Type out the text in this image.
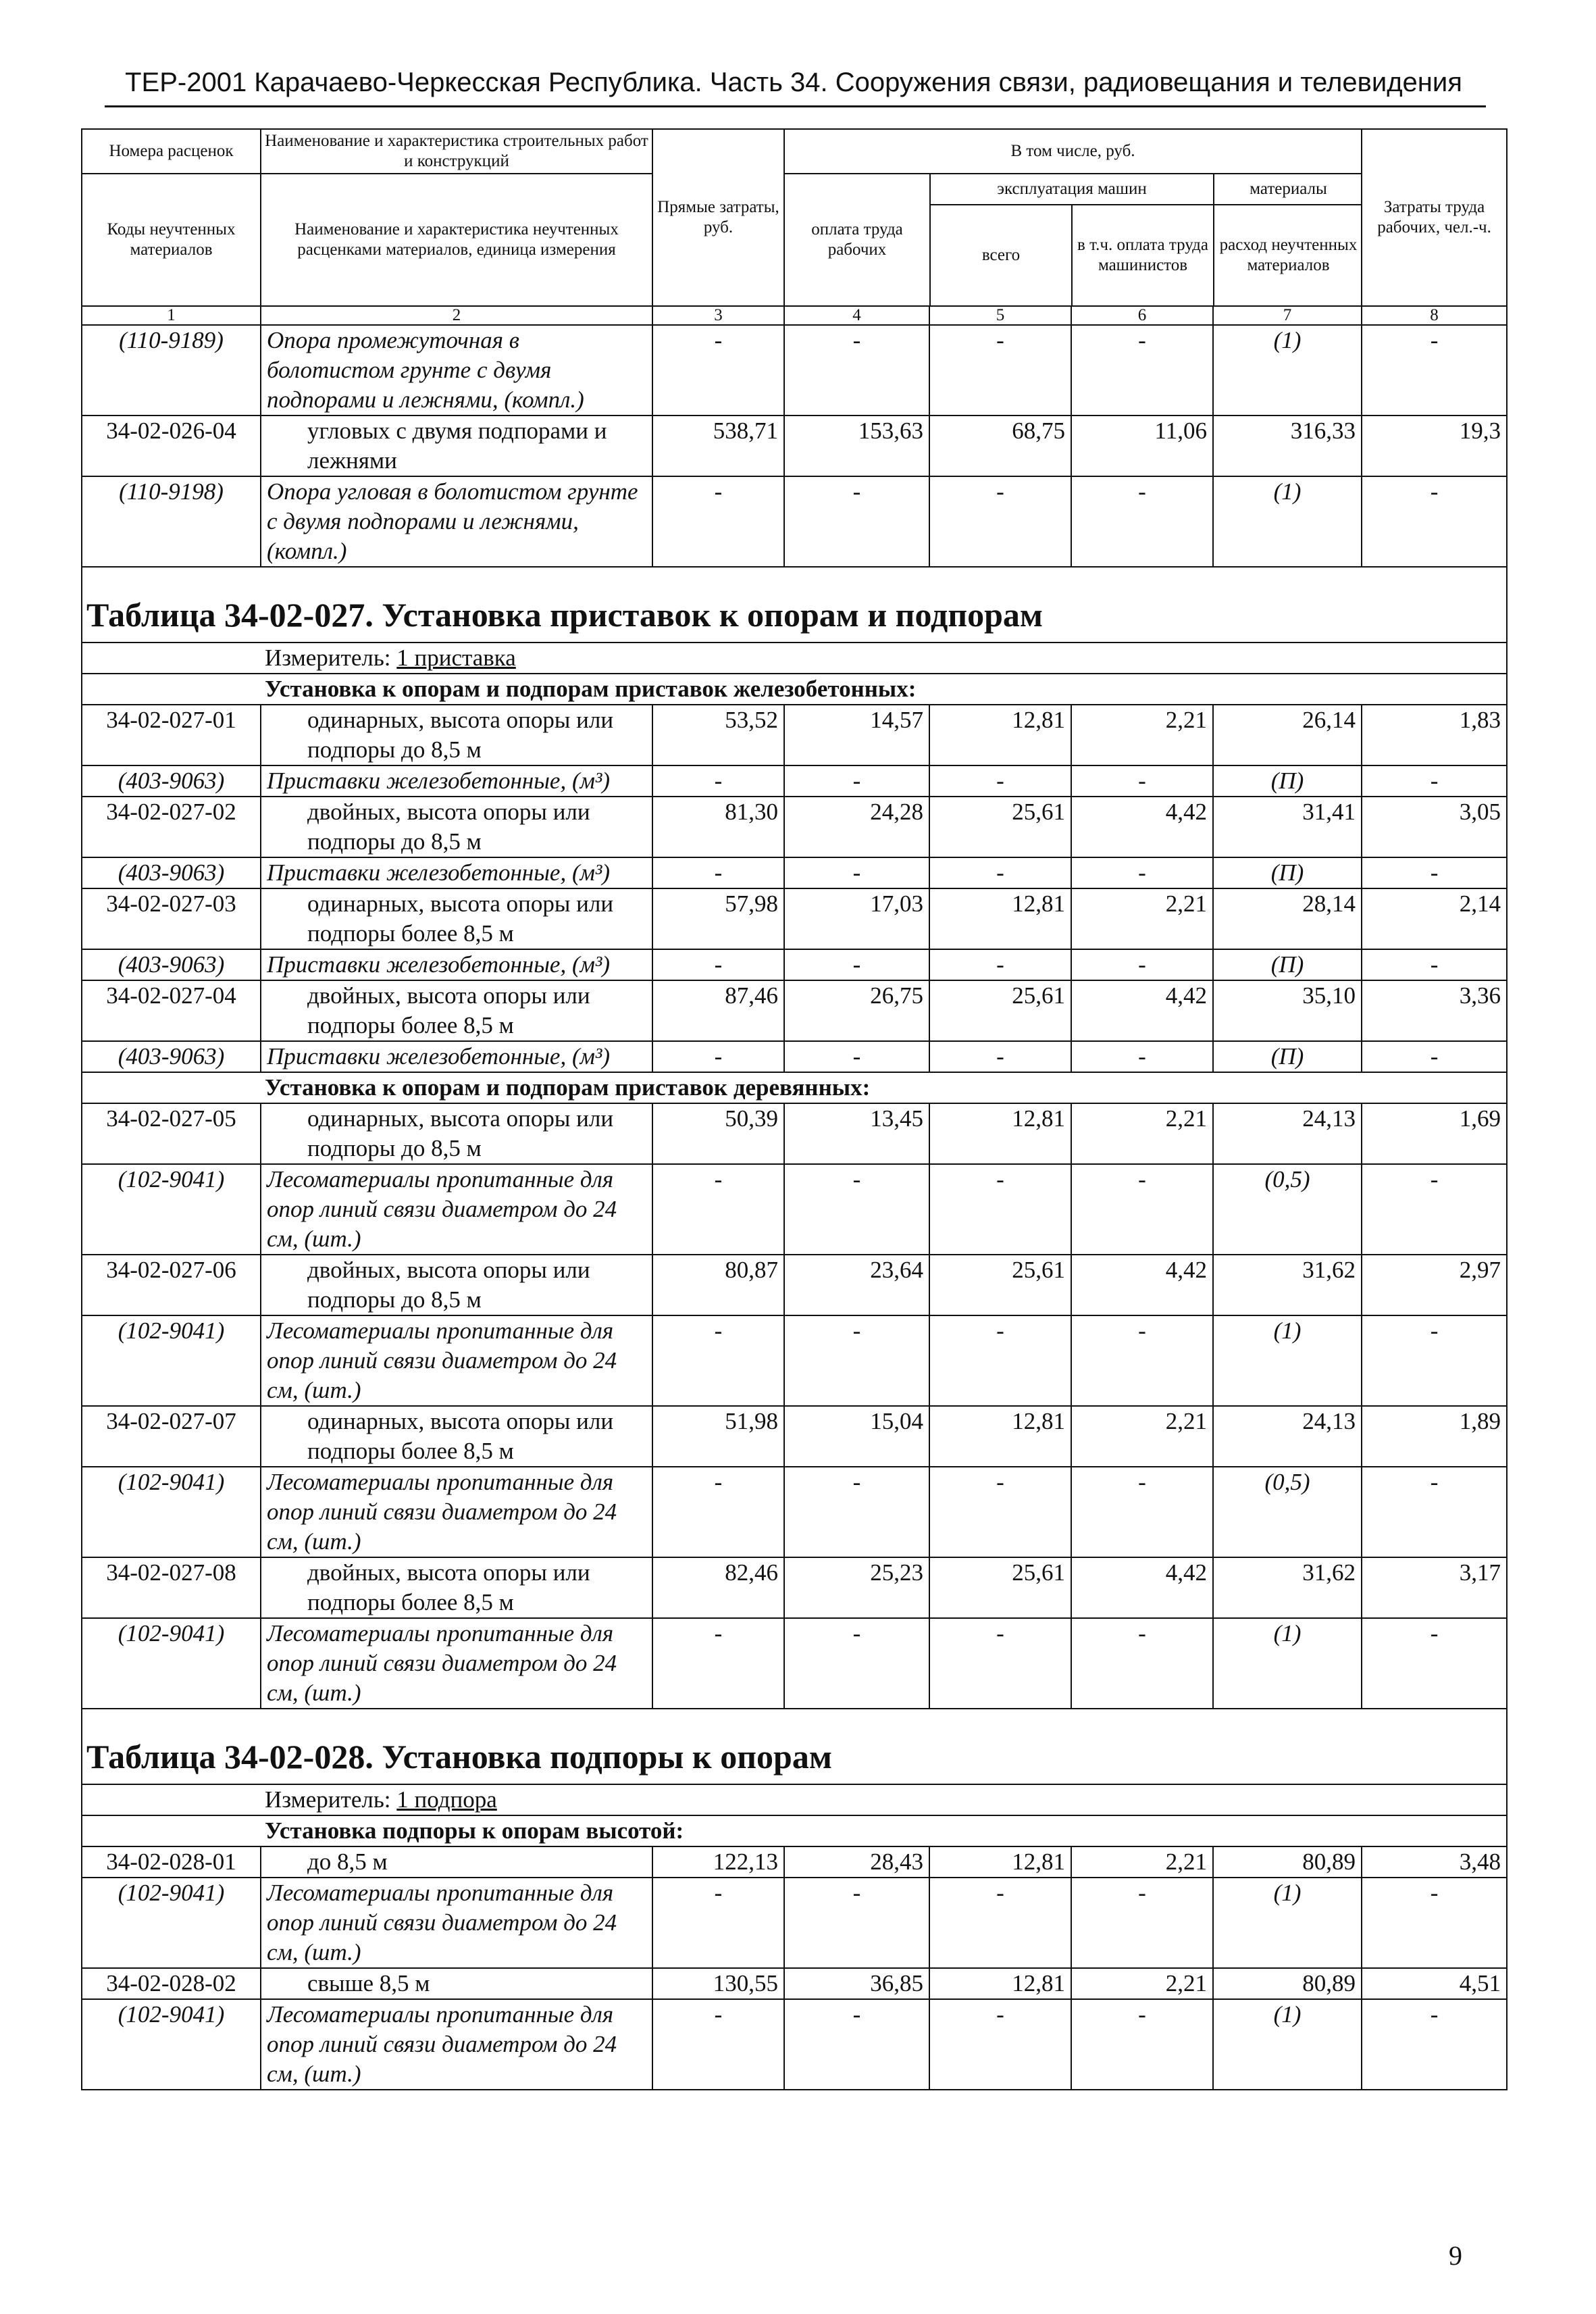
ТЕР-2001 Карачаево-Черкесская Республика. Часть 34. Сооружения связи, радиовещания и телевидения
Номера расценок	Наименование и характеристика строительных работ и конструкций	Прямые затраты, руб.	В том числе, руб.	Затраты труда рабочих, чел.-ч.
Коды неучтенных материалов	Наименование и характеристика неучтенных расценками материалов, единица измерения	
оплата труда рабочих	эксплуатация машин	материалы
всего	в т.ч. оплата труда машинистов	расход неучтенных материалов

1	2	3	4	5	6	7	8
(110-9189)	Опора промежуточная в болотистом грунте с двумя подпорами и лежнями, (компл.)	-	-	-	-	(1)	-
34-02-026-04	угловых с двумя подпорами и лежнями	538,71	153,63	68,75	11,06	316,33	19,3
(110-9198)	Опора угловая в болотистом грунте с двумя подпорами и лежнями, (компл.)	-	-	-	-	(1)	-
Таблица 34-02-027. Установка приставок к опорам и подпорам
Измеритель: 1 приставка
Установка к опорам и подпорам приставок железобетонных:
34-02-027-01	одинарных, высота опоры или подпоры до 8,5 м	53,52	14,57	12,81	2,21	26,14	1,83
(403-9063)	Приставки железобетонные, (м³)	-	-	-	-	(П)	-
34-02-027-02	двойных, высота опоры или подпоры до 8,5 м	81,30	24,28	25,61	4,42	31,41	3,05
(403-9063)	Приставки железобетонные, (м³)	-	-	-	-	(П)	-
34-02-027-03	одинарных, высота опоры или подпоры более 8,5 м	57,98	17,03	12,81	2,21	28,14	2,14
(403-9063)	Приставки железобетонные, (м³)	-	-	-	-	(П)	-
34-02-027-04	двойных, высота опоры или подпоры более 8,5 м	87,46	26,75	25,61	4,42	35,10	3,36
(403-9063)	Приставки железобетонные, (м³)	-	-	-	-	(П)	-
Установка к опорам и подпорам приставок деревянных:
34-02-027-05	одинарных, высота опоры или подпоры до 8,5 м	50,39	13,45	12,81	2,21	24,13	1,69
(102-9041)	Лесоматериалы пропитанные для опор линий связи диаметром до 24 см, (шт.)	-	-	-	-	(0,5)	-
34-02-027-06	двойных, высота опоры или подпоры до 8,5 м	80,87	23,64	25,61	4,42	31,62	2,97
(102-9041)	Лесоматериалы пропитанные для опор линий связи диаметром до 24 см, (шт.)	-	-	-	-	(1)	-
34-02-027-07	одинарных, высота опоры или подпоры более 8,5 м	51,98	15,04	12,81	2,21	24,13	1,89
(102-9041)	Лесоматериалы пропитанные для опор линий связи диаметром до 24 см, (шт.)	-	-	-	-	(0,5)	-
34-02-027-08	двойных, высота опоры или подпоры более 8,5 м	82,46	25,23	25,61	4,42	31,62	3,17
(102-9041)	Лесоматериалы пропитанные для опор линий связи диаметром до 24 см, (шт.)	-	-	-	-	(1)	-
Таблица 34-02-028. Установка подпоры к опорам
Измеритель: 1 подпора
Установка подпоры к опорам высотой:
34-02-028-01	до 8,5 м	122,13	28,43	12,81	2,21	80,89	3,48
(102-9041)	Лесоматериалы пропитанные для опор линий связи диаметром до 24 см, (шт.)	-	-	-	-	(1)	-
34-02-028-02	свыше 8,5 м	130,55	36,85	12,81	2,21	80,89	4,51
(102-9041)	Лесоматериалы пропитанные для опор линий связи диаметром до 24 см, (шт.)	-	-	-	-	(1)	-
9
